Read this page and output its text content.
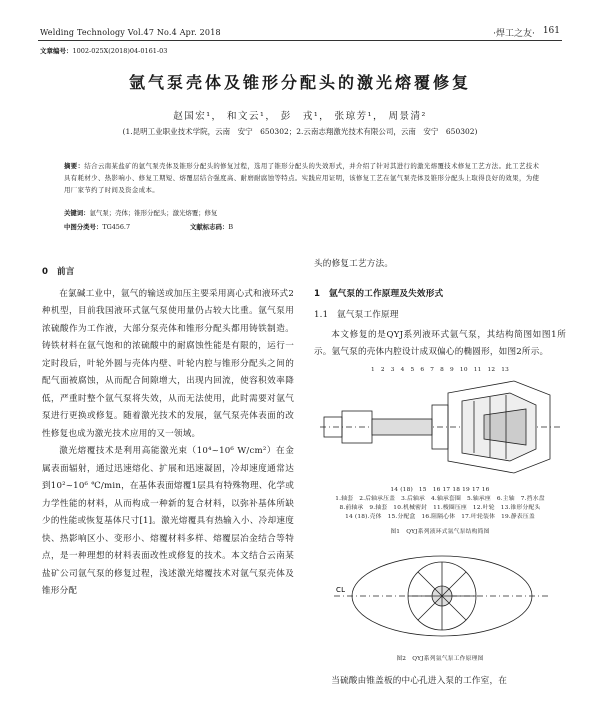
Welding Technology Vol.47 No.4 Apr. 2018	·焊工之友· 161
文章编号：1002-025X(2018)04-0161-03
氩气泵壳体及锥形分配头的激光熔覆修复
赵国宏¹， 和文云¹， 彭　戎¹， 张琼芳¹， 周景清²
(1.昆明工业职业技术学院，云南　安宁　650302；2.云南志翔激光技术有限公司，云南　安宁　650302)
摘要：结合云南某盐矿的氩气泵壳体及锥形分配头的修复过程，选用了锥形分配头的失效形式，并介绍了针对其进行的激光熔覆技术修复工艺方法。此工艺技术具有耗材少、热影响小、修复工期短、熔覆层结合强度高、耐磨耐腐蚀等特点。实践应用证明，该修复工艺在氩气泵壳体及锥形分配头上取得良好的效果，为使用厂家节约了时间及资金成本。
关键词：氩气泵；壳体；锥形分配头；激光熔覆；修复
中图分类号：TG456.7	文献标志码：B
0　前言

在氯碱工业中，氩气的输送或加压主要采用离心式和液环式2种机型，目前我国液环式氩气泵使用量仍占较大比重。氩气泵用浓硫酸作为工作液，大部分泵壳体和锥形分配头都用铸铁制造。铸铁材料在氩气饱和的浓硫酸中的耐腐蚀性能是有限的，运行一定时段后，叶轮外圆与壳体内壁、叶轮内腔与锥形分配头之间的配气面被腐蚀，从而配合间隙增大，出现内回流，使容积效率降低，严重时整个氩气泵将失效，从而无法使用，此时需要对氩气泵进行更换或修复。随着激光技术的发展，氩气泵壳体表面的改性修复也成为激光技术应用的又一领域。

激光熔覆技术是利用高能激光束（10⁴~10⁶ W/cm²）在金属表面辐射，通过迅速熔化、扩展和迅速凝固，冷却速度通常达到10²~10⁶ ℃/min，在基体表面熔覆1层具有特殊物理、化学或力学性能的材料，从而构成一种新的复合材料，以弥补基体所缺少的性能或恢复基体尺寸[1]。激光熔覆具有热输入小、冷却速度快、热影响区小、变形小、熔覆材料多样、熔覆层冶金结合等特点，是一种理想的材料表面改性或修复的技术。本文结合云南某盐矿公司氩气泵的修复过程，浅述激光熔覆技术对氩气泵壳体及锥形分配

头的修复工艺方法。

1　氩气泵的工作原理及失效形式
1.1　氩气泵工作原理

本文修复的是QYJ系列液环式氩气泵，其结构简图如图1所示。氩气泵的壳体内腔设计成双偏心的椭圆形，如图2所示。

1　2　3　4　5　6　7　8　9　10　11　12　13
14 (18)　15　16 17 18 19 17 16
1.轴套　2.后轴承压盖　3.后轴承　4.轴承套圈　5.轴承座　6.主轴　7.挡水盘
8.前轴承　9.轴套　10.机械密封　11.梭圈压座　12.叶轮　13.锥形分配头
14 (18).壳体　15.分配盒　16.阻隔心体　17.叶轮装体　19.静表压盖
图1　QYJ系列液环式氩气泵结构简图
CL
图2　QYJ系列氩气泵工作原理图

当硫酸由锥盖板的中心孔进入泵的工作室，在
